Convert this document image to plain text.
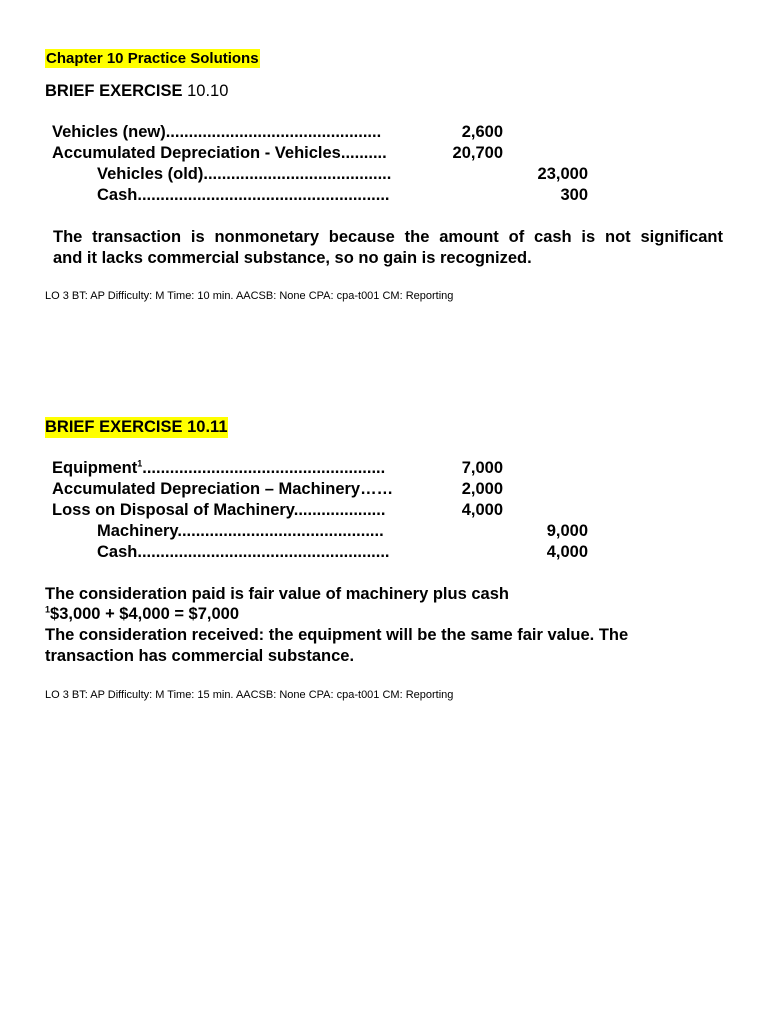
Chapter 10 Practice Solutions
BRIEF EXERCISE 10.10
Vehicles (new)...............................................	2,600
Accumulated Depreciation - Vehicles..........	20,700
Vehicles (old).........................................	23,000
Cash.......................................................	300
The transaction is nonmonetary because the amount of cash is not significant
and it lacks commercial substance, so no gain is recognized.
LO 3 BT: AP Difficulty: M Time: 10 min. AACSB: None CPA: cpa-t001 CM: Reporting
BRIEF EXERCISE 10.11
Equipment$^1$.....................................................	7,000
Accumulated Depreciation – Machinery……	2,000
Loss on Disposal of Machinery....................	4,000
Machinery.............................................	9,000
Cash.......................................................	4,000
The consideration paid is fair value of machinery plus cash
$^1$\$3,000 + $4,000 = $7,000
The consideration received: the equipment will be the same fair value. The
transaction has commercial substance.
LO 3 BT: AP Difficulty: M Time: 15 min. AACSB: None CPA: cpa-t001 CM: Reporting
